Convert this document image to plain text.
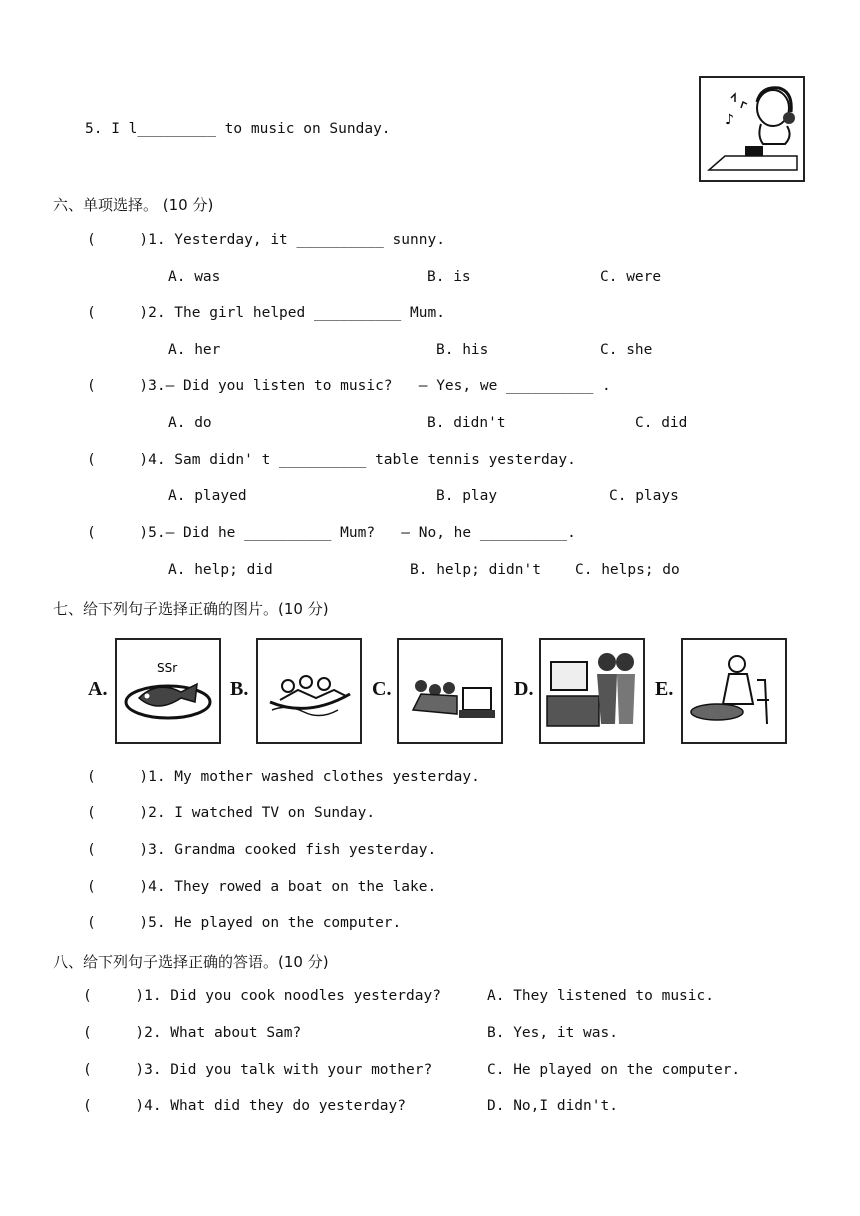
♪
5. I l_________ to music on Sunday.
六、单项选择。 (10 分)
(     )1. Yesterday, it __________ sunny.
A. was	B. is	C. were
(     )2. The girl helped __________ Mum.
A. her	B. his	C. she
(     )3.— Did you listen to music?   — Yes, we __________ .
A. do	B. didn't	C. did
(     )4. Sam didn' t __________ table tennis yesterday.
A. played	B. play	C. plays
(     )5.— Did he __________ Mum?   — No, he __________.
A. help; did	B. help; didn't C. helps; do
七、给下列句子选择正确的图片。(10 分)
A.
SSr
B.	C.	D.	E.
(     )1. My mother washed clothes yesterday.
(     )2. I watched TV on Sunday.
(     )3. Grandma cooked fish yesterday.
(     )4. They rowed a boat on the lake.
(     )5. He played on the computer.
八、给下列句子选择正确的答语。(10 分)
(     )1. Did you cook noodles yesterday?	A. They listened to music.
(     )2. What about Sam?	B. Yes, it was.
(     )3. Did you talk with your mother?	C. He played on the computer.
(     )4. What did they do yesterday?	D. No,I didn't.
